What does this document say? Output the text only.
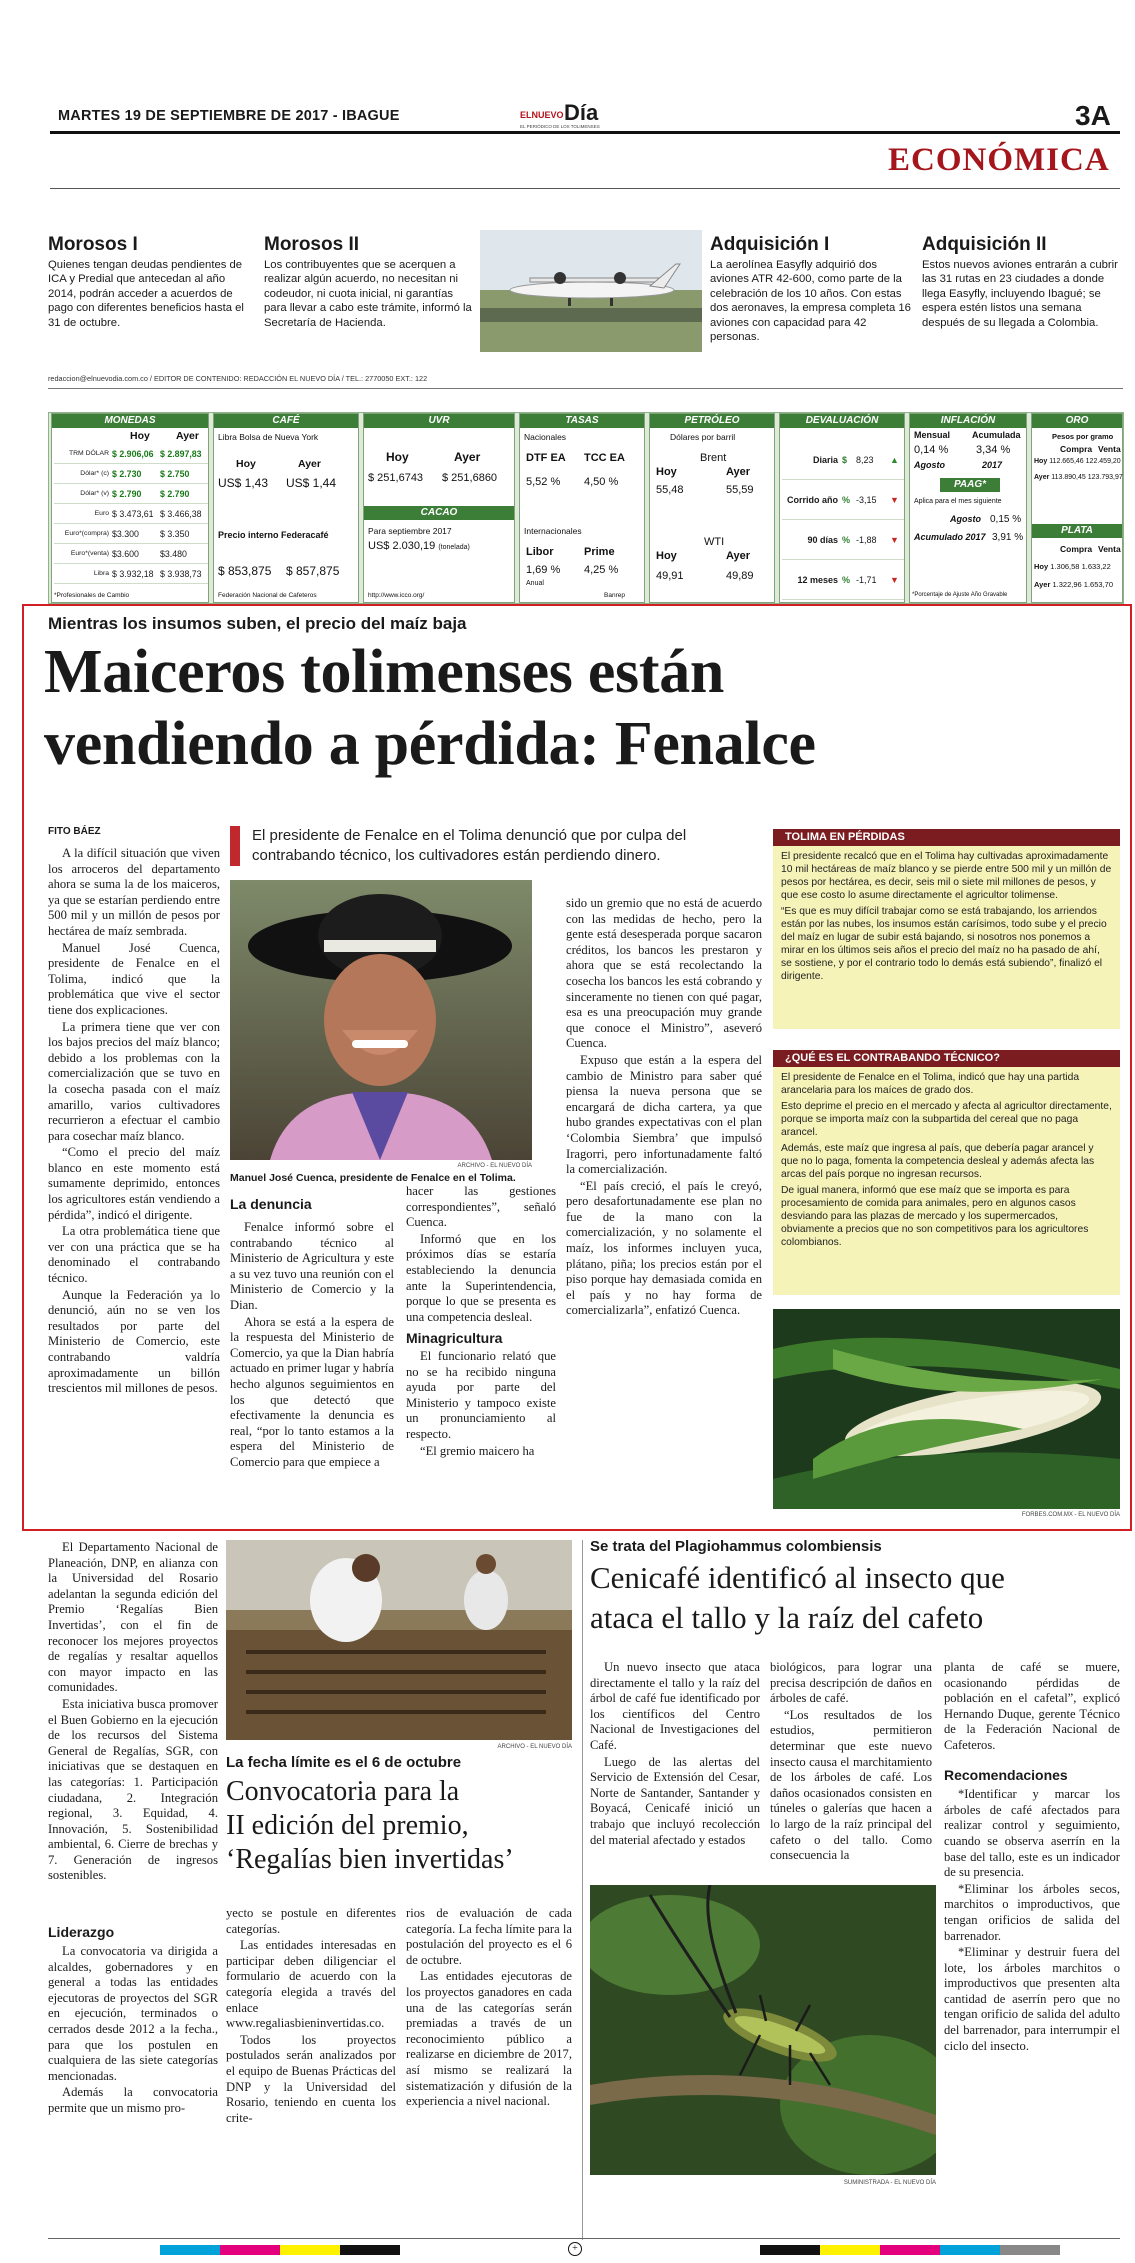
MARTES 19 DE SEPTIEMBRE DE 2017 - IBAGUE	ELNUEVO Día
EL PERIÓDICO DE LOS TOLIMENSES	3A
ECONÓMICA
Morosos I
Quienes tengan deudas pendientes de ICA y Predial que antecedan al año 2014, podrán acceder a acuerdos de pago con diferentes beneficios hasta el 31 de octubre.
Morosos II
Los contribuyentes que se acerquen a realizar algún acuerdo, no necesitan ni codeudor, ni cuota inicial, ni garantías para llevar a cabo este trámite, informó la Secretaría de Hacienda.
Adquisición I
La aerolínea Easyfly adquirió dos aviones ATR 42-600, como parte de la celebración de los 10 años. Con estas dos aeronaves, la empresa completa 16 aviones con capacidad para 42 personas.
Adquisición II
Estos nuevos aviones entrarán a cubrir las 31 rutas en 23 ciudades a donde llega Easyfly, incluyendo Ibagué; se espera estén listos una semana después de su llegada a Colombia.
redaccion@elnuevodia.com.co / EDITOR DE CONTENIDO: REDACCIÓN EL NUEVO DÍA / TEL.: 2770050 EXT.: 122
MONEDAS
Hoy Ayer
TRM DÓLAR $ 2.906,06 $ 2.897,83
Dólar* (c) $ 2.730	$ 2.750
Dólar* (v) $ 2.790	$ 2.790
Euro $ 3.473,61 $ 3.466,38
Euro*(compra) $3.300	$ 3.350
Euro*(venta) $3.600	$3.480
Libra $ 3.932,18 $ 3.938,73
*Profesionales de Cambio
CAFÉ
Libra Bolsa de Nueva York
Hoy	Ayer
US$ 1,43 US$ 1,44
Precio interno Federacafé
$ 853,875 $ 857,875
Federación Nacional de Cafeteros
UVR
Hoy	Ayer
$ 251,6743 $ 251,6860
CACAO
Para septiembre 2017
US$ 2.030,19 (tonelada)
http://www.icco.org/
TASAS
Nacionales
DTF EA TCC EA
5,52 % 4,50 %
Internacionales
Libor	Prime
1,69 % 4,25 %
Anual
Banrep
PETRÓLEO
Dólares por barril
Brent
Hoy	Ayer
55,48	55,59
WTI
Hoy	Ayer
49,91	49,89
DEVALUACIÓN
Diaria $ 8,23	▲
Corrido año % -3,15	▼
90 días % -1,88	▼
12 meses % -1,71	▼
INFLACIÓN
Mensual Acumulada
0,14 %	3,34 %
Agosto	2017
PAAG*
Aplica para el mes siguiente
Agosto 0,15 %
Acumulado 2017 3,91 %
*Porcentaje de Ajuste Año Gravable
ORO
Pesos por gramo
Compra Venta
Hoy 112.665,46 122.459,20
Ayer 113.890,45 123.793,97
PLATA
Compra Venta
Hoy 1.306,58 1.633,22
Ayer 1.322,96 1.653,70
Mientras los insumos suben, el precio del maíz baja
Maiceros tolimenses están
vendiendo a pérdida: Fenalce
FITO BÁEZ

A la difícil situación que viven los arroceros del departamento ahora se suma la de los maiceros, ya que se estarían perdiendo entre 500 mil y un millón de pesos por hectárea de maíz sembrada.

Manuel José Cuenca, presidente de Fenalce en el Tolima, indicó que la problemática que vive el sector tiene dos explicaciones.

La primera tiene que ver con los bajos precios del maíz blanco; debido a los problemas con la comercialización que se tuvo en la cosecha pasada con el maíz amarillo, varios cultivadores recurrieron a efectuar el cambio para cosechar maíz blanco.

“Como el precio del maíz blanco en este momento está sumamente deprimido, entonces los agricultores están vendiendo a pérdida”, indicó el dirigente.

La otra problemática tiene que ver con una práctica que se ha denominado el contrabando técnico.

Aunque la Federación ya lo denunció, aún no se ven los resultados por parte del Ministerio de Comercio, este contrabando valdría aproximadamente un billón trescientos mil millones de pesos.

El presidente de Fenalce en el Tolima denunció que por culpa del contrabando técnico, los cultivadores están perdiendo dinero.
ARCHIVO - EL NUEVO DÍA
Manuel José Cuenca, presidente de Fenalce en el Tolima.
La denuncia

Fenalce informó sobre el contrabando técnico al Ministerio de Agricultura y este a su vez tuvo una reunión con el Ministerio de Comercio y la Dian.

Ahora se está a la espera de la respuesta del Ministerio de Comercio, ya que la Dian habría actuado en primer lugar y habría hecho algunos seguimientos en los que detectó que efectivamente la denuncia es real, “por lo tanto estamos a la espera del Ministerio de Comercio para que empiece a

hacer las gestiones correspondientes”, señaló Cuenca.

Informó que en los próximos días se estaría estableciendo la denuncia ante la Superintendencia, porque lo que se presenta es una competencia desleal.

Minagricultura

El funcionario relató que no se ha recibido ninguna ayuda por parte del Ministerio y tampoco existe un pronunciamiento al respecto.

“El gremio maicero ha

sido un gremio que no está de acuerdo con las medidas de hecho, pero la gente está desesperada porque sacaron créditos, los bancos les prestaron y ahora que se está recolectando la cosecha los bancos les está cobrando y sinceramente no tienen con qué pagar, esa es una preocupación muy grande que conoce el Ministro”, aseveró Cuenca.

Expuso que están a la espera del cambio de Ministro para saber qué piensa la nueva persona que se encargará de dicha cartera, ya que hubo grandes expectativas con el plan ‘Colombia Siembra’ que impulsó Iragorri, pero infortunadamente faltó la comercialización.

“El país creció, el país le creyó, pero desafortunadamente ese plan no fue de la mano con la comercialización, y no solamente el maíz, los informes incluyen yuca, plátano, piña; los precios están por el piso porque hay demasiada comida en el país y no hay forma de comercializarla”, enfatizó Cuenca.

TOLIMA EN PÉRDIDAS

El presidente recalcó que en el Tolima hay cultivadas aproximadamente 10 mil hectáreas de maíz blanco y se pierde entre 500 mil y un millón de pesos por hectárea, es decir, seis mil o siete mil millones de pesos, y que ese costo lo asume directamente el agricultor tolimense.

“Es que es muy difícil trabajar como se está trabajando, los arriendos están por las nubes, los insumos están carísimos, todo sube y el precio del maíz en lugar de subir está bajando, si nosotros nos ponemos a mirar en los últimos seis años el precio del maíz no ha pasado de ahí, se sostiene, y por el contrario todo lo demás está subiendo”, finalizó el dirigente.

¿QUÉ ES EL CONTRABANDO TÉCNICO?

El presidente de Fenalce en el Tolima, indicó que hay una partida arancelaria para los maíces de grado dos.

Esto deprime el precio en el mercado y afecta al agricultor directamente, porque se importa maíz con la subpartida del cereal que no paga arancel.

Además, este maíz que ingresa al país, que debería pagar arancel y que no lo paga, fomenta la competencia desleal y además afecta las arcas del país porque no ingresan recursos.

De igual manera, informó que ese maíz que se importa es para procesamiento de comida para animales, pero en algunos casos desviando para las plazas de mercado y los supermercados, obviamente a precios que no son competitivos para los agricultores colombianos.

FORBES.COM.MX - EL NUEVO DÍA

El Departamento Nacional de Planeación, DNP, en alianza con la Universidad del Rosario adelantan la segunda edición del Premio ‘Regalías Bien Invertidas’, con el fin de reconocer los mejores proyectos de regalías y resaltar aquellos con mayor impacto en las comunidades.

Esta iniciativa busca promover el Buen Gobierno en la ejecución de los recursos del Sistema General de Regalías, SGR, con iniciativas que se destaquen en las categorías: 1. Participación ciudadana, 2. Integración regional, 3. Equidad, 4. Innovación, 5. Sostenibilidad ambiental, 6. Cierre de brechas y 7. Generación de ingresos sostenibles.

ARCHIVO - EL NUEVO DÍA
La fecha límite es el 6 de octubre
Convocatoria para la
II edición del premio,
‘Regalías bien invertidas’
Liderazgo

La convocatoria va dirigida a alcaldes, gobernadores y en general a todas las entidades ejecutoras de proyectos del SGR en ejecución, terminados o cerrados desde 2012 a la fecha., para que los postulen en cualquiera de las siete categorías mencionadas.

Además la convocatoria permite que un mismo pro-

yecto se postule en diferentes categorías.

Las entidades interesadas en participar deben diligenciar el formulario de acuerdo con la categoría elegida a través del enlace www.regaliasbieninvertidas.co.

Todos los proyectos postulados serán analizados por el equipo de Buenas Prácticas del DNP y la Universidad del Rosario, teniendo en cuenta los crite-

rios de evaluación de cada categoría. La fecha límite para la postulación del proyecto es el 6 de octubre.

Las entidades ejecutoras de los proyectos ganadores en cada una de las categorías serán premiadas a través de un reconocimiento público a realizarse en diciembre de 2017, así mismo se realizará la sistematización y difusión de la experiencia a nivel nacional.

Se trata del Plagiohammus colombiensis
Cenicafé identificó al insecto que
ataca el tallo y la raíz del cafeto

Un nuevo insecto que ataca directamente el tallo y la raíz del árbol de café fue identificado por los científicos del Centro Nacional de Investigaciones del Café.

Luego de las alertas del Servicio de Extensión del Cesar, Norte de Santander, Santander y Boyacá, Cenicafé inició un trabajo que incluyó recolección del material afectado y estados

biológicos, para lograr una precisa descripción de daños en árboles de café.

“Los resultados de los estudios, permitieron determinar que este nuevo insecto causa el marchitamiento de los árboles de café. Los daños ocasionados consisten en túneles o galerías que hacen a lo largo de la raíz principal del cafeto o del tallo. Como consecuencia la

planta de café se muere, ocasionando pérdidas de población en el cafetal”, explicó Hernando Duque, gerente Técnico de la Federación Nacional de Cafeteros.

Recomendaciones

*Identificar y marcar los árboles de café afectados para realizar control y seguimiento, cuando se observa aserrín en la base del tallo, este es un indicador de su presencia.

*Eliminar los árboles secos, marchitos o improductivos, que tengan orificios de salida del barrenador.

*Eliminar y destruir fuera del lote, los árboles marchitos o improductivos que presenten alta cantidad de aserrín pero que no tengan orificio de salida del adulto del barrenador, para interrumpir el ciclo del insecto.

SUMINISTRADA - EL NUEVO DÍA
+
